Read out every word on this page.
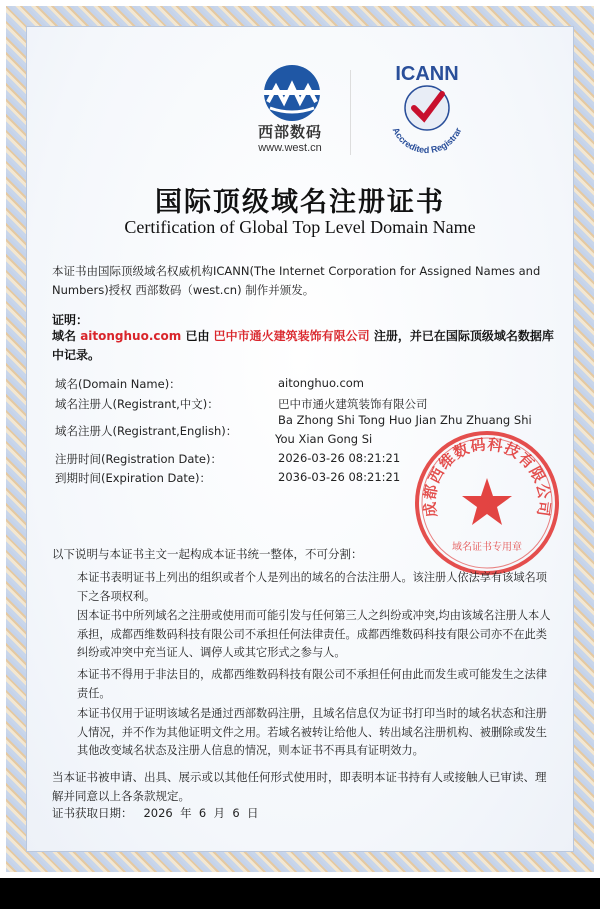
西部数码
www.west.cn
ICANN
Accredited Registrar
国际顶级域名注册证书
Certification of Global Top Level Domain Name
本证书由国际顶级域名权威机构ICANN(The Internet Corporation for Assigned Names and Numbers)授权 西部数码（west.cn) 制作并颁发。
证明：
域名 aitonghuo.com 已由 巴中市通火建筑装饰有限公司 注册，并已在国际顶级域名数据库中记录。
域名(Domain Name)：	aitonghuo.com
域名注册人(Registrant,中文)：	巴中市通火建筑装饰有限公司
域名注册人(Registrant,English)：
Ba Zhong Shi Tong Huo Jian Zhu Zhuang Shi
You Xian Gong Si
注册时间(Registration Date)：	2026-03-26 08:21:21
到期时间(Expiration Date)：	2036-03-26 08:21:21
成都西维数码科技有限公司
域名证书专用章
以下说明与本证书主文一起构成本证书统一整体，不可分割：
本证书表明证书上列出的组织或者个人是列出的域名的合法注册人。该注册人依法享有该域名项下之各项权利。
因本证书中所列域名之注册或使用而可能引发与任何第三人之纠纷或冲突,均由该域名注册人本人承担，成都西维数码科技有限公司不承担任何法律责任。成都西维数码科技有限公司亦不在此类纠纷或冲突中充当证人、调停人或其它形式之参与人。
本证书不得用于非法目的，成都西维数码科技有限公司不承担任何由此而发生或可能发生之法律责任。
本证书仅用于证明该域名是通过西部数码注册，且域名信息仅为证书打印当时的域名状态和注册人情况，并不作为其他证明文件之用。若域名被转让给他人、转出域名注册机构、被删除或发生其他改变域名状态及注册人信息的情况，则本证书不再具有证明效力。
当本证书被申请、出具、展示或以其他任何形式使用时，即表明本证书持有人或接触人已审读、理解并同意以上各条款规定。
证书获取日期： 2026 年 6 月 6 日
